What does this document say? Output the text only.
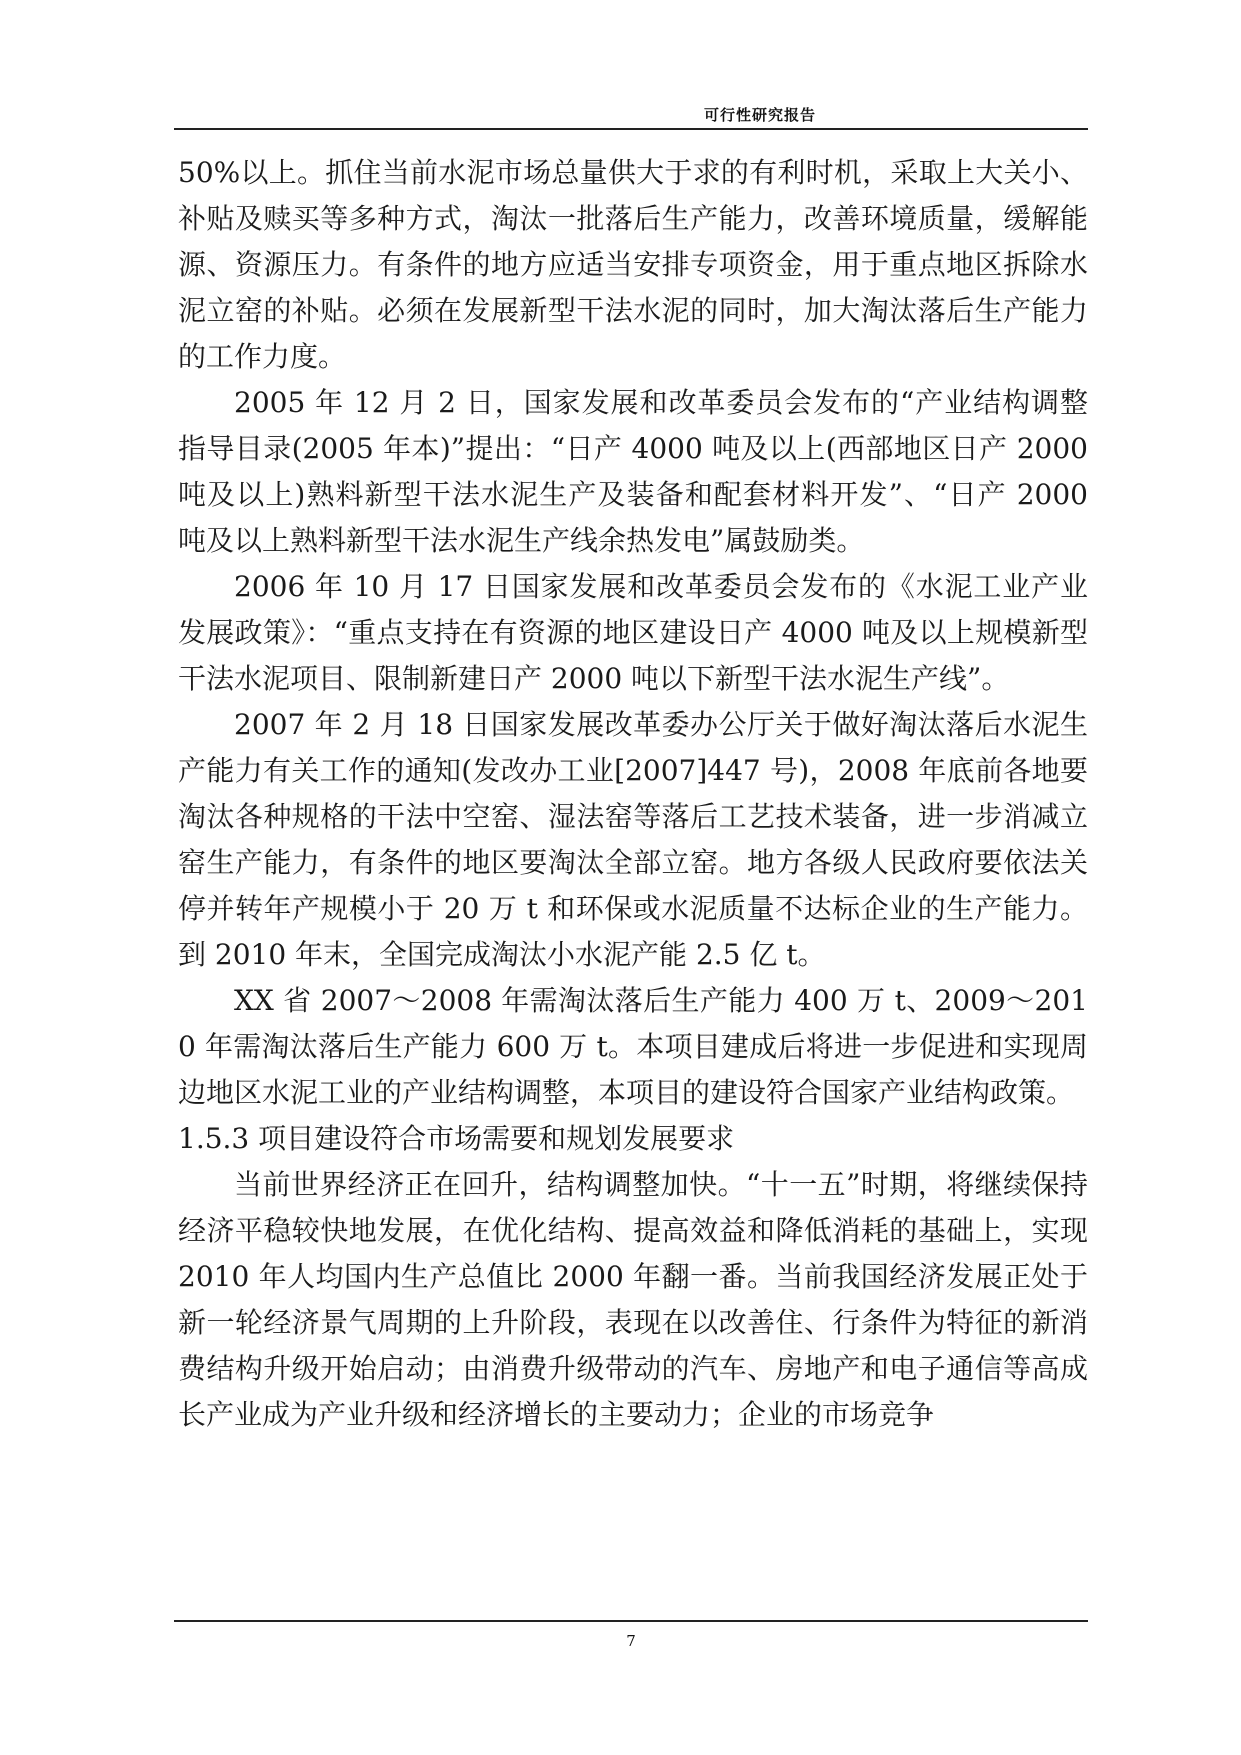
可行性研究报告

50%以上。抓住当前水泥市场总量供大于求的有利时机，采取上大关小、补贴及赎买等多种方式，淘汰一批落后生产能力，改善环境质量，缓解能源、资源压力。有条件的地方应适当安排专项资金，用于重点地区拆除水泥立窑的补贴。必须在发展新型干法水泥的同时，加大淘汰落后生产能力的工作力度。

2005 年 12 月 2 日，国家发展和改革委员会发布的“产业结构调整指导目录(2005 年本)”提出：“日产 4000 吨及以上(西部地区日产 2000 吨及以上)熟料新型干法水泥生产及装备和配套材料开发”、“日产 2000 吨及以上熟料新型干法水泥生产线余热发电”属鼓励类。

2006 年 10 月 17 日国家发展和改革委员会发布的《水泥工业产业发展政策》：“重点支持在有资源的地区建设日产 4000 吨及以上规模新型干法水泥项目、限制新建日产 2000 吨以下新型干法水泥生产线”。

2007 年 2 月 18 日国家发展改革委办公厅关于做好淘汰落后水泥生产能力有关工作的通知(发改办工业[2007]447 号)，2008 年底前各地要淘汰各种规格的干法中空窑、湿法窑等落后工艺技术装备，进一步消减立窑生产能力，有条件的地区要淘汰全部立窑。地方各级人民政府要依法关停并转年产规模小于 20 万 t 和环保或水泥质量不达标企业的生产能力。到 2010 年末，全国完成淘汰小水泥产能 2.5 亿 t。

XX 省 2007～2008 年需淘汰落后生产能力 400 万 t、2009～2010 年需淘汰落后生产能力 600 万 t。本项目建成后将进一步促进和实现周边地区水泥工业的产业结构调整，本项目的建设符合国家产业结构政策。

1.5.3 项目建设符合市场需要和规划发展要求

当前世界经济正在回升，结构调整加快。“十一五”时期，将继续保持经济平稳较快地发展，在优化结构、提高效益和降低消耗的基础上，实现 2010 年人均国内生产总值比 2000 年翻一番。当前我国经济发展正处于新一轮经济景气周期的上升阶段，表现在以改善住、行条件为特征的新消费结构升级开始启动；由消费升级带动的汽车、房地产和电子通信等高成长产业成为产业升级和经济增长的主要动力；企业的市场竞争

7
